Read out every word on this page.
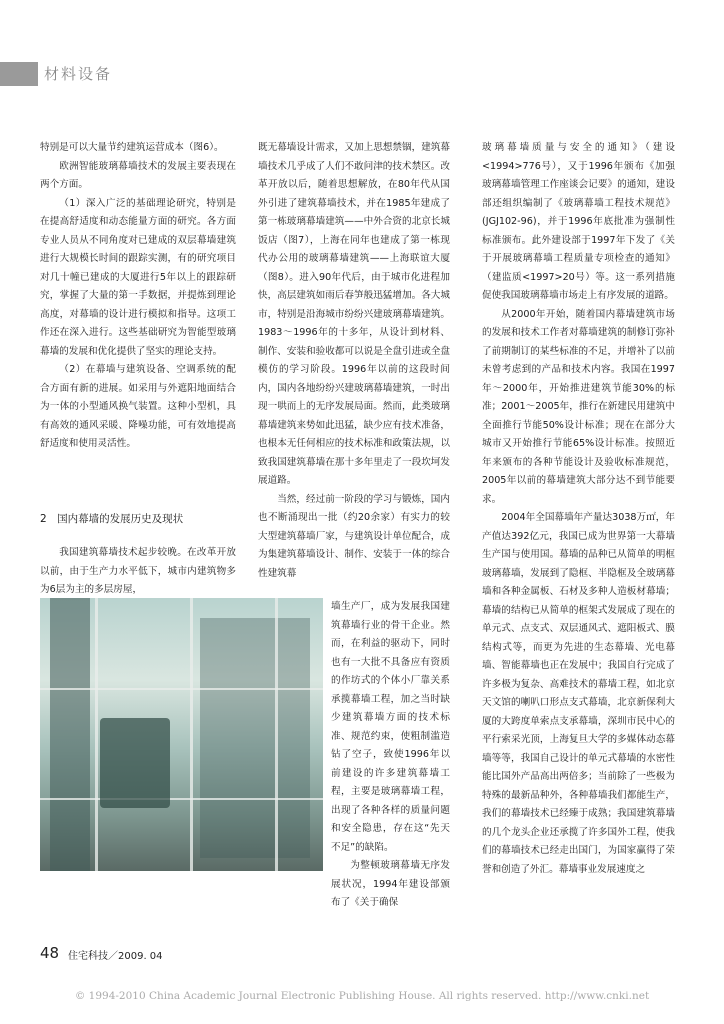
材料设备

特别是可以大量节约建筑运营成本（图6）。

欧洲智能玻璃幕墙技术的发展主要表现在两个方面。

（1）深入广泛的基础理论研究，特别是在提高舒适度和动态能量方面的研究。各方面专业人员从不同角度对已建成的双层幕墙建筑进行大规模长时间的跟踪实测，有的研究项目对几十幢已建成的大厦进行5年以上的跟踪研究，掌握了大量的第一手数据，并提炼到理论高度，对幕墙的设计进行模拟和指导。这项工作还在深入进行。这些基础研究为智能型玻璃幕墙的发展和优化提供了坚实的理论支持。

（2）在幕墙与建筑设备、空调系统的配合方面有新的进展。如采用与外遮阳地面结合为一体的小型通风换气装置。这种小型机，具有高效的通风采暖、降噪功能，可有效地提高舒适度和使用灵活性。

2　国内幕墙的发展历史及现状

我国建筑幕墙技术起步较晚。在改革开放以前，由于生产力水平低下，城市内建筑物多为6层为主的多层房屋，

既无幕墙设计需求，又加上思想禁锢，建筑幕墙技术几乎成了人们不敢问津的技术禁区。改革开放以后，随着思想解放，在80年代从国外引进了建筑幕墙技术，并在1985年建成了第一栋玻璃幕墙建筑——中外合资的北京长城饭店（图7），上海在同年也建成了第一栋现代办公用的玻璃幕墙建筑——上海联谊大厦（图8）。进入90年代后，由于城市化进程加快，高层建筑如雨后春笋般迅猛增加。各大城市，特别是沿海城市纷纷兴建玻璃幕墙建筑。1983～1996年的十多年，从设计到材料、制作、安装和验收都可以说是全盘引进或全盘模仿的学习阶段。1996年以前的这段时间内，国内各地纷纷兴建玻璃幕墙建筑，一时出现一哄而上的无序发展局面。然而，此类玻璃幕墙建筑来势如此迅猛，缺少应有技术准备，也根本无任何相应的技术标准和政策法规，以致我国建筑幕墙在那十多年里走了一段坎坷发展道路。

当然，经过前一阶段的学习与锻炼，国内也不断涌现出一批（约20余家）有实力的较大型建筑幕墙厂家，与建筑设计单位配合，成为集建筑幕墙设计、制作、安装于一体的综合性建筑幕

墙生产厂，成为发展我国建筑幕墙行业的骨干企业。然而，在利益的驱动下，同时也有一大批不具备应有资质的作坊式的个体小厂靠关系承揽幕墙工程，加之当时缺少建筑幕墙方面的技术标准、规范约束，使粗制滥造钻了空子，致使1996年以前建设的许多建筑幕墙工程，主要是玻璃幕墙工程，出现了各种各样的质量问题和安全隐患，存在这“先天不足”的缺陷。

为整顿玻璃幕墙无序发展状况，1994年建设部颁布了《关于确保

玻璃幕墙质量与安全的通知》（建设<1994>776号），又于1996年颁布《加强玻璃幕墙管理工作座谈会记要》的通知，建设部还组织编制了《玻璃幕墙工程技术规范》(JGJ102-96)，并于1996年底批准为强制性标准颁布。此外建设部于1997年下发了《关于开展玻璃幕墙工程质量专项检查的通知》（建监质<1997>20号）等。这一系列措施促使我国玻璃幕墙市场走上有序发展的道路。

从2000年开始，随着国内幕墙建筑市场的发展和技术工作者对幕墙建筑的制修订弥补了前期制订的某些标准的不足，并增补了以前未曾考虑到的产品和技术内容。我国在1997年～2000年，开始推进建筑节能30%的标准；2001～2005年，推行在新建民用建筑中全面推行节能50%设计标准；现在在部分大城市又开始推行节能65%设计标准。按照近年来颁布的各种节能设计及验收标准规范，2005年以前的幕墙建筑大部分达不到节能要求。

2004年全国幕墙年产量达3038万㎡，年产值达392亿元，我国已成为世界第一大幕墙生产国与使用国。幕墙的品种已从简单的明框玻璃幕墙，发展到了隐框、半隐框及全玻璃幕墙和各种金属板、石材及多种人造板材幕墙；幕墙的结构已从简单的框架式发展成了现在的单元式、点支式、双层通风式、遮阳板式、膜结构式等，而更为先进的生态幕墙、光电幕墙、智能幕墙也正在发展中；我国自行完成了许多极为复杂、高难技术的幕墙工程，如北京天文馆的喇叭口形点支式幕墙，北京新保利大厦的大跨度单索点支承幕墙，深圳市民中心的平行索采光顶，上海复旦大学的多媒体动态幕墙等等，我国自己设计的单元式幕墙的水密性能比国外产品高出两倍多；当前除了一些极为特殊的最新品种外，各种幕墙我们都能生产，我们的幕墙技术已经臻于成熟；我国建筑幕墙的几个龙头企业还承揽了许多国外工程，使我们的幕墙技术已经走出国门，为国家赢得了荣誉和创造了外汇。幕墙事业发展速度之

48 住宅科技／2009. 04
© 1994-2010 China Academic Journal Electronic Publishing House. All rights reserved. http://www.cnki.net
